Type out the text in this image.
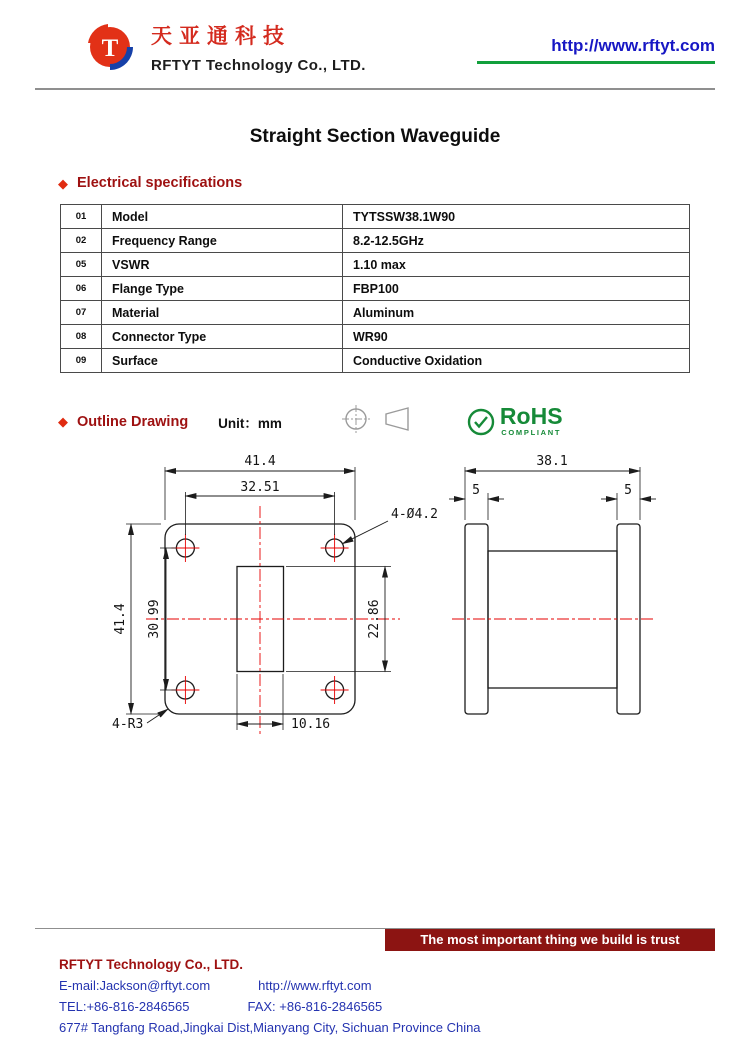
T 天亚通科技
RFTYT Technology Co., LTD.
http://www.rftyt.com
Straight Section Waveguide
◆ Electrical specifications
01	Model	TYTSSW38.1W90
02	Frequency Range	8.2-12.5GHz
05	VSWR	1.10 max
06	Flange Type	FBP100
07	Material	Aluminum
08	Connector Type	WR90
09	Surface	Conductive Oxidation
◆ Outline Drawing Unit：mm	RoHS
COMPLIANT
41.4
32.51
41.4 30.99	22.86
10.16
4-Ø4.2
4-R3
38.1
5	5
The most important thing we build is trust
RFTYT Technology Co., LTD.
E-mail:Jackson@rftyt.com	http://www.rftyt.com
TEL:+86-816-2846565	FAX: +86-816-2846565
677# Tangfang Road,Jingkai Dist,Mianyang City, Sichuan Province China
